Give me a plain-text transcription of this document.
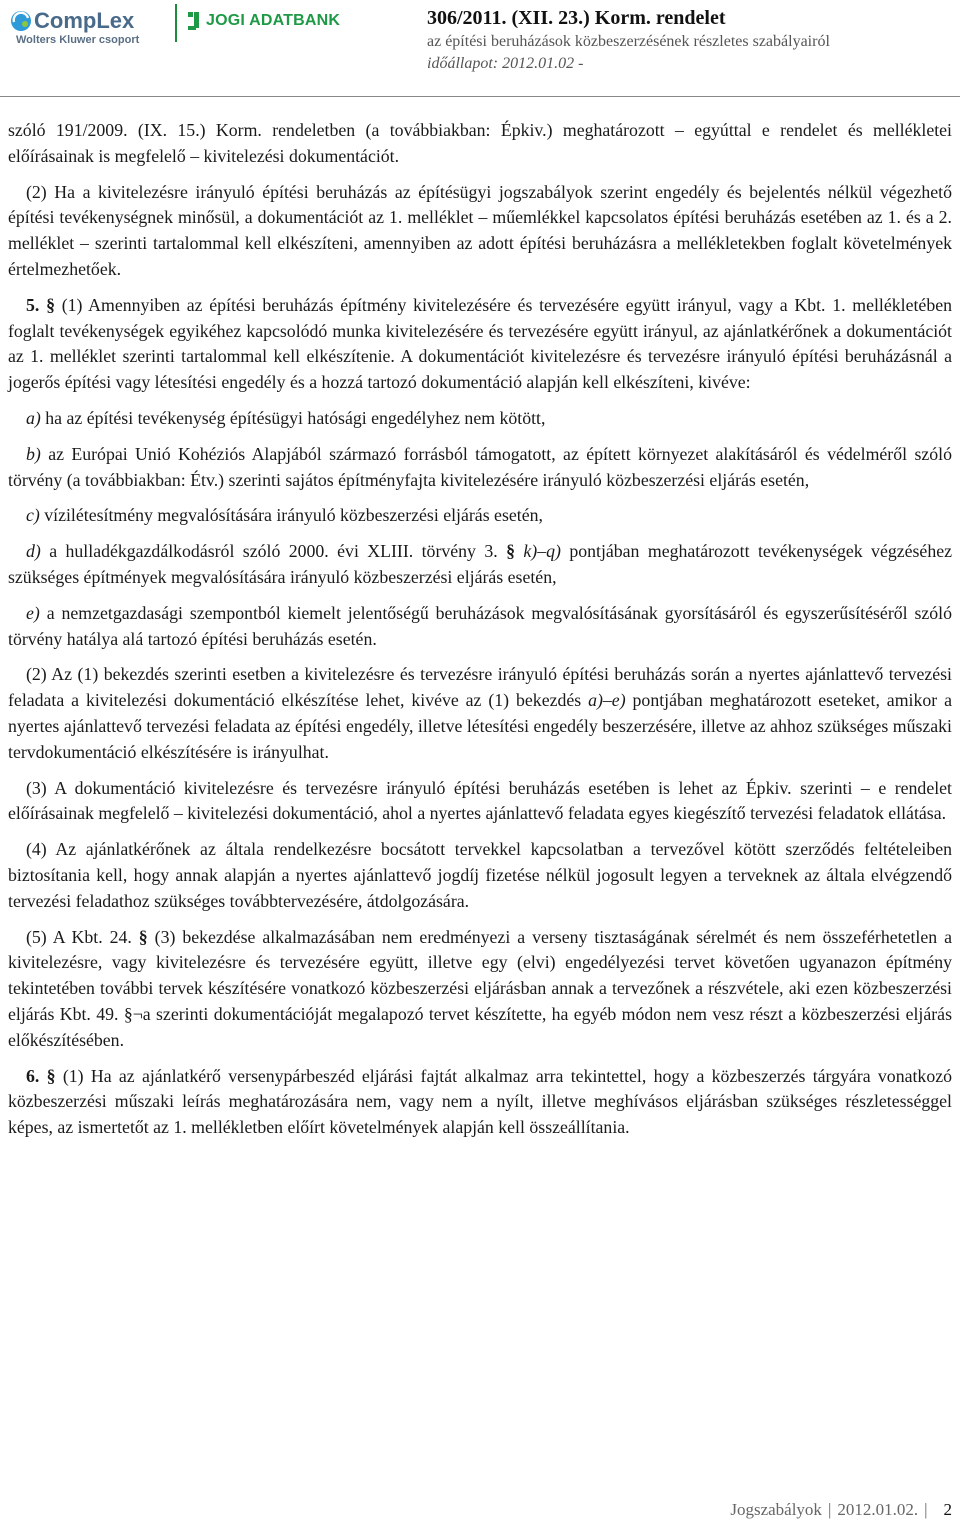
CompLex
Wolters Kluwer csoport
JOGI ADATBANK	306/2011. (XII. 23.) Korm. rendelet
az építési beruházások közbeszerzésének részletes szabályairól
időállapot: 2012.01.02 -

szóló 191/2009. (IX. 15.) Korm. rendeletben (a továbbiakban: Épkiv.) meghatározott – egyúttal e rendelet és mellékletei előírásainak is megfelelő – kivitelezési dokumentációt.

(2) Ha a kivitelezésre irányuló építési beruházás az építésügyi jogszabályok szerint engedély és bejelentés nélkül végezhető építési tevékenységnek minősül, a dokumentációt az 1. melléklet – műemlékkel kapcsolatos építési beruházás esetében az 1. és a 2. melléklet – szerinti tartalommal kell elkészíteni, amennyiben az adott építési beruházásra a mellékletekben foglalt követelmények értelmezhetőek.

5. § (1) Amennyiben az építési beruházás építmény kivitelezésére és tervezésére együtt irányul, vagy a Kbt. 1. mellékletében foglalt tevékenységek egyikéhez kapcsolódó munka kivitelezésére és tervezésére együtt irányul, az ajánlatkérőnek a dokumentációt az 1. melléklet szerinti tartalommal kell elkészítenie. A dokumentációt kivitelezésre és tervezésre irányuló építési beruházásnál a jogerős építési vagy létesítési engedély és a hozzá tartozó dokumentáció alapján kell elkészíteni, kivéve:

a) ha az építési tevékenység építésügyi hatósági engedélyhez nem kötött,

b) az Európai Unió Kohéziós Alapjából származó forrásból támogatott, az épített környezet alakításáról és védelméről szóló törvény (a továbbiakban: Étv.) szerinti sajátos építményfajta kivitelezésére irányuló közbeszerzési eljárás esetén,

c) vízilétesítmény megvalósítására irányuló közbeszerzési eljárás esetén,

d) a hulladékgazdálkodásról szóló 2000. évi XLIII. törvény 3. § k)–q) pontjában meghatározott tevékenységek végzéséhez szükséges építmények megvalósítására irányuló közbeszerzési eljárás esetén,

e) a nemzetgazdasági szempontból kiemelt jelentőségű beruházások megvalósításának gyorsításáról és egyszerűsítéséről szóló törvény hatálya alá tartozó építési beruházás esetén.

(2) Az (1) bekezdés szerinti esetben a kivitelezésre és tervezésre irányuló építési beruházás során a nyertes ajánlattevő tervezési feladata a kivitelezési dokumentáció elkészítése lehet, kivéve az (1) bekezdés a)–e) pontjában meghatározott eseteket, amikor a nyertes ajánlattevő tervezési feladata az építési engedély, illetve létesítési engedély beszerzésére, illetve az ahhoz szükséges műszaki tervdokumentáció elkészítésére is irányulhat.

(3) A dokumentáció kivitelezésre és tervezésre irányuló építési beruházás esetében is lehet az Épkiv. szerinti – e rendelet előírásainak megfelelő – kivitelezési dokumentáció, ahol a nyertes ajánlattevő feladata egyes kiegészítő tervezési feladatok ellátása.

(4) Az ajánlatkérőnek az általa rendelkezésre bocsátott tervekkel kapcsolatban a tervezővel kötött szerződés feltételeiben biztosítania kell, hogy annak alapján a nyertes ajánlattevő jogdíj fizetése nélkül jogosult legyen a terveknek az általa elvégzendő tervezési feladathoz szükséges továbbtervezésére, átdolgozására.

(5) A Kbt. 24. § (3) bekezdése alkalmazásában nem eredményezi a verseny tisztaságának sérelmét és nem összeférhetetlen a kivitelezésre, vagy kivitelezésre és tervezésére együtt, illetve egy (elvi) engedélyezési tervet követően ugyanazon építmény tekintetében további tervek készítésére vonatkozó közbeszerzési eljárásban annak a tervezőnek a részvétele, aki ezen közbeszerzési eljárás Kbt. 49. §¬a szerinti dokumentációját megalapozó tervet készítette, ha egyéb módon nem vesz részt a közbeszerzési eljárás előkészítésében.

6. § (1) Ha az ajánlatkérő versenypárbeszéd eljárási fajtát alkalmaz arra tekintettel, hogy a közbeszerzés tárgyára vonatkozó közbeszerzési műszaki leírás meghatározására nem, vagy nem a nyílt, illetve meghívásos eljárásban szükséges részletességgel képes, az ismertetőt az 1. mellékletben előírt követelmények alapján kell összeállítania.

Jogszabályok | 2012.01.02. | 2
